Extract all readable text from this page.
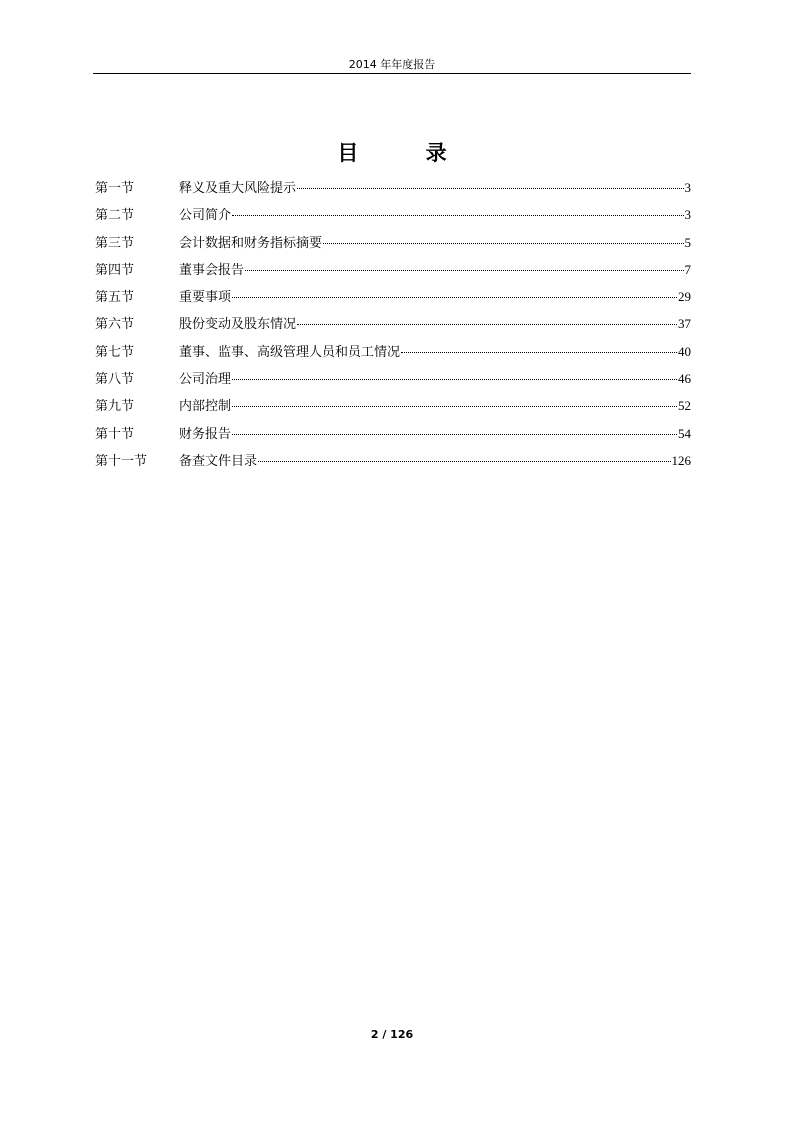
2014 年年度报告
目 录
第一节	释义及重大风险提示	3
第二节	公司简介	3
第三节	会计数据和财务指标摘要	5
第四节	董事会报告	7
第五节	重要事项	29
第六节	股份变动及股东情况	37
第七节	董事、监事、高级管理人员和员工情况	40
第八节	公司治理	46
第九节	内部控制	52
第十节	财务报告	54
第十一节	备查文件目录	126
2 / 126
